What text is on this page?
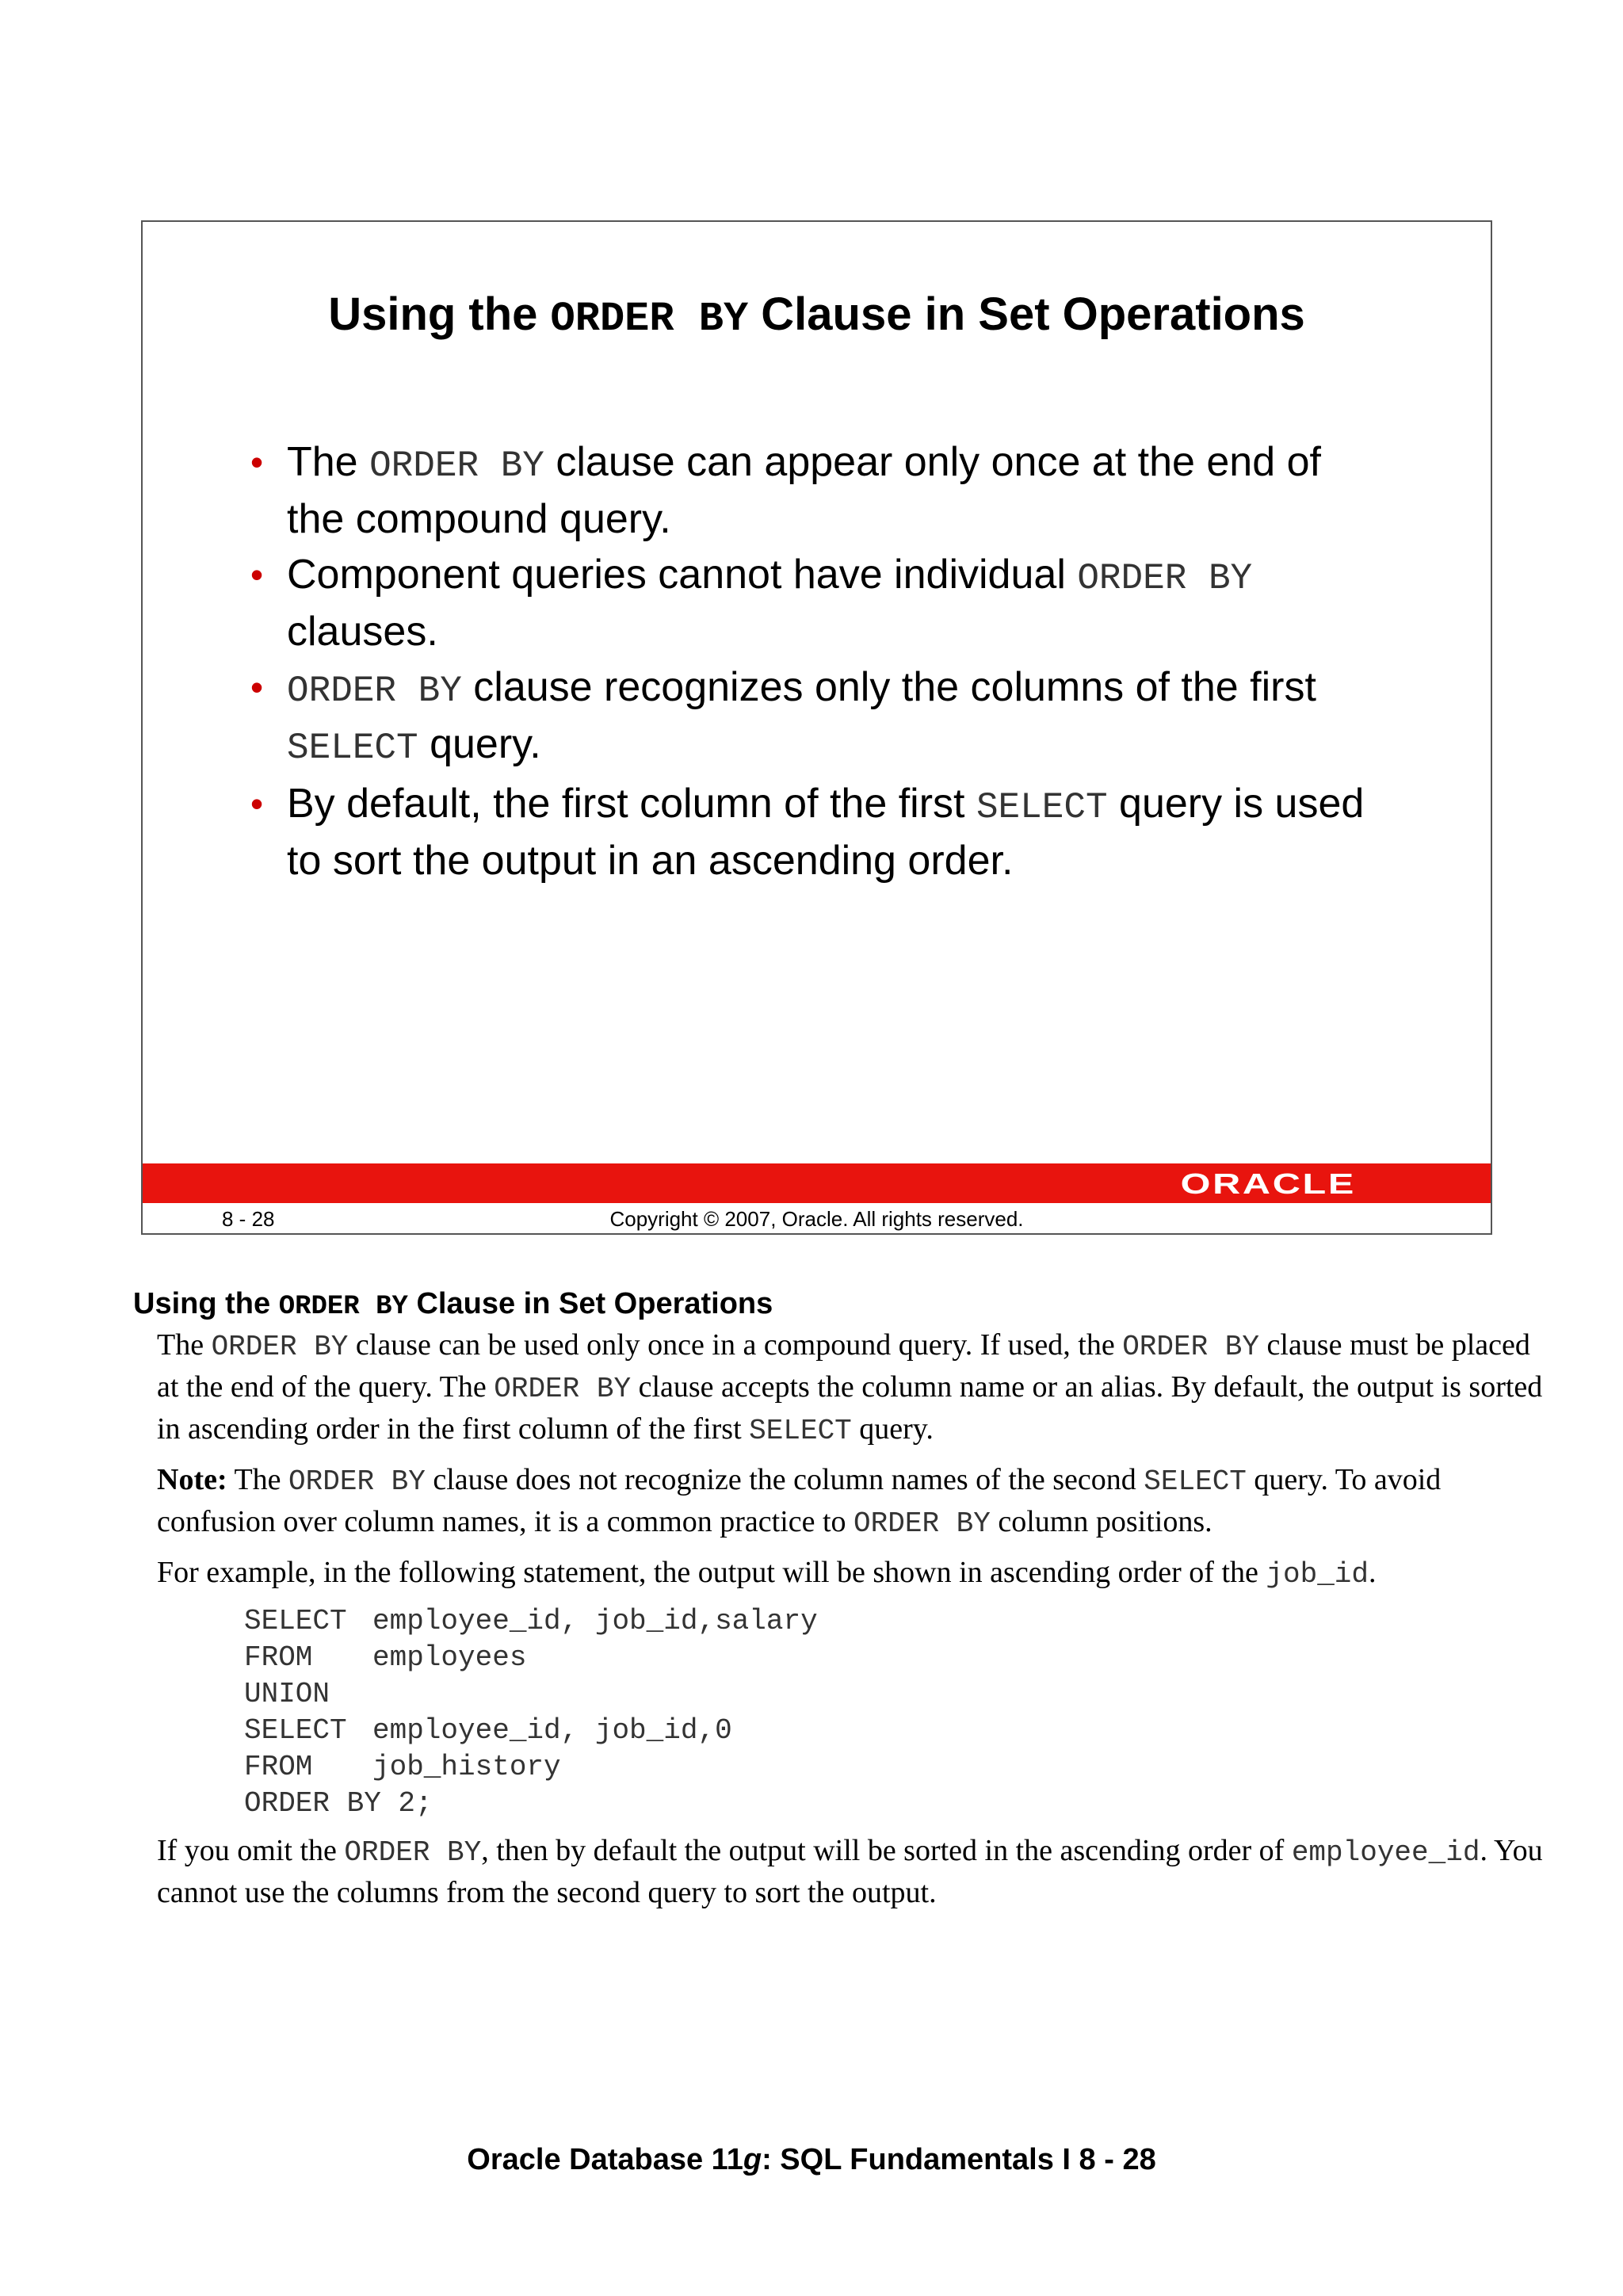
Using the ORDER BY Clause in Set Operations
• The ORDER BY clause can appear only once at the end of
the compound query.
• Component queries cannot have individual ORDER BY
clauses.
• ORDER BY clause recognizes only the columns of the first
SELECT query.
• By default, the first column of the first SELECT query is used
to sort the output in an ascending order.
ORACLE
Copyright © 2007, Oracle. All rights reserved.
8 - 28
Using the ORDER BY Clause in Set Operations

The ORDER BY clause can be used only once in a compound query. If used, the ORDER BY clause must be placed at the end of the query. The ORDER BY clause accepts the column name or an alias. By default, the output is sorted in ascending order in the first column of the first SELECT query.

Note: The ORDER BY clause does not recognize the column names of the second SELECT query. To avoid confusion over column names, it is a common practice to ORDER BY column positions.

For example, in the following statement, the output will be shown in ascending order of the job_id.

SELECT employee_id, job_id,salary
FROM employees
UNION
SELECT employee_id, job_id,0
FROM job_history
ORDER BY 2;

If you omit the ORDER BY, then by default the output will be sorted in the ascending order of employee_id. You cannot use the columns from the second query to sort the output.

Oracle Database 11g: SQL Fundamentals I 8 - 28
